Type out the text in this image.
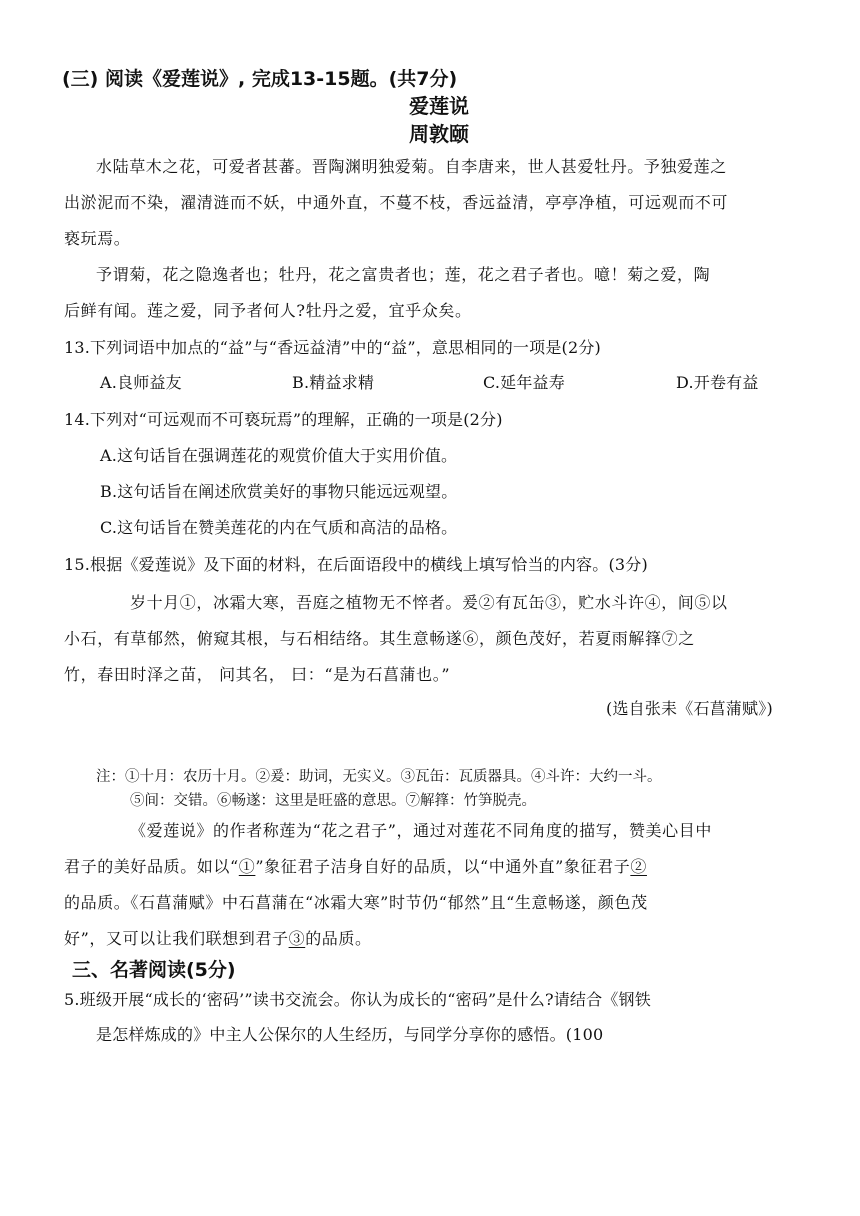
(三) 阅读《爱莲说》, 完成13-15题。(共7分)
爱莲说
周敦颐
水陆草木之花，可爱者甚蕃。晋陶渊明独爱菊。自李唐来，世人甚爱牡丹。予独爱莲之
出淤泥而不染，濯清涟而不妖，中通外直，不蔓不枝，香远益清，亭亭净植，可远观而不可
亵玩焉。
予谓菊，花之隐逸者也；牡丹，花之富贵者也；莲，花之君子者也。噫！菊之爱，陶
后鲜有闻。莲之爱，同予者何人?牡丹之爱，宜乎众矣。
13.下列词语中加点的“益”与“香远益清”中的“益”，意思相同的一项是(2分)
A.良师益友	B.精益求精	C.延年益寿	D.开卷有益
14.下列对“可远观而不可亵玩焉”的理解，正确的一项是(2分)
A.这句话旨在强调莲花的观赏价值大于实用价值。
B.这句话旨在阐述欣赏美好的事物只能远远观望。
C.这句话旨在赞美莲花的内在气质和高洁的品格。
15.根据《爱莲说》及下面的材料，在后面语段中的横线上填写恰当的内容。(3分)
岁十月①，冰霜大寒，吾庭之植物无不悴者。爰②有瓦缶③，贮水斗许④，间⑤以
小石，有草郁然，俯窥其根，与石相结络。其生意畅遂⑥，颜色茂好，若夏雨解箨⑦之
竹，春田时泽之苗， 问其名， 曰：“是为石菖蒲也。”
(选自张耒《石菖蒲赋》)
注：①十月：农历十月。②爰：助词，无实义。③瓦缶：瓦质器具。④斗许：大约一斗。
⑤间：交错。⑥畅遂：这里是旺盛的意思。⑦解箨：竹笋脱壳。
《爱莲说》的作者称莲为“花之君子”，通过对莲花不同角度的描写，赞美心目中
君子的美好品质。如以“①”象征君子洁身自好的品质，以“中通外直”象征君子②
的品质。《石菖蒲赋》中石菖蒲在“冰霜大寒”时节仍“郁然”且“生意畅遂，颜色茂
好”，又可以让我们联想到君子③的品质。
三、名著阅读(5分)
5.班级开展“成长的‘密码’”读书交流会。你认为成长的“密码”是什么?请结合《钢铁
是怎样炼成的》中主人公保尔的人生经历，与同学分享你的感悟。(100
